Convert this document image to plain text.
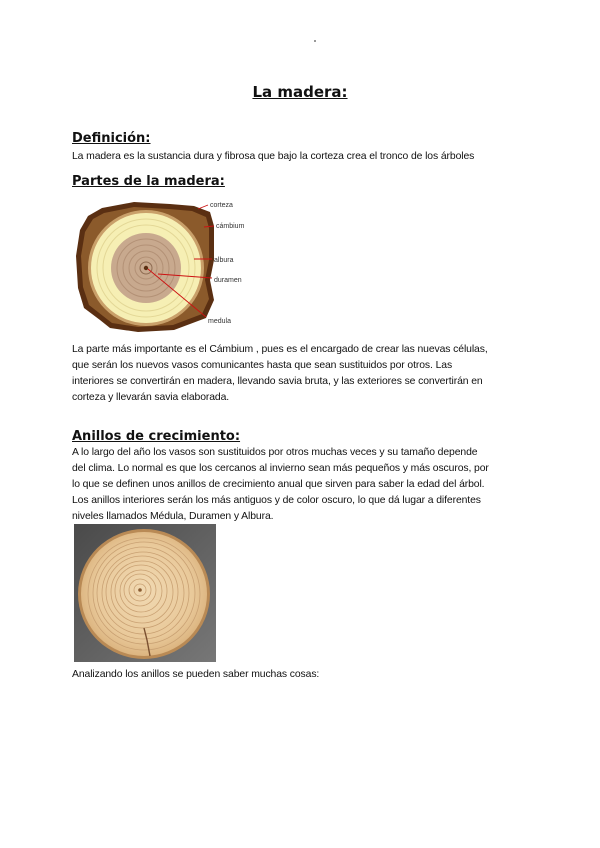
La madera:
Definición:

La madera es la sustancia dura y fibrosa que bajo la corteza crea el tronco de los árboles

Partes de la madera:
corteza
cámbium
albura
duramen
medula

La parte más importante es el Cámbium , pues es el encargado de crear las nuevas células,
que serán los nuevos vasos comunicantes hasta que sean sustituidos por otros. Las
interiores se convertirán en madera, llevando savia bruta, y las exteriores se convertirán en
corteza y llevarán savia elaborada.

Anillos de crecimiento:

A lo largo del año los vasos son sustituidos por otros muchas veces y su tamaño depende
del clima. Lo normal es que los cercanos al invierno sean más pequeños y más oscuros, por
lo que se definen unos anillos de crecimiento anual que sirven para saber la edad del árbol.
Los anillos interiores serán los más antiguos y de color oscuro, lo que dá lugar a diferentes
niveles llamados Médula, Duramen y Albura.

Analizando los anillos se pueden saber muchas cosas:
